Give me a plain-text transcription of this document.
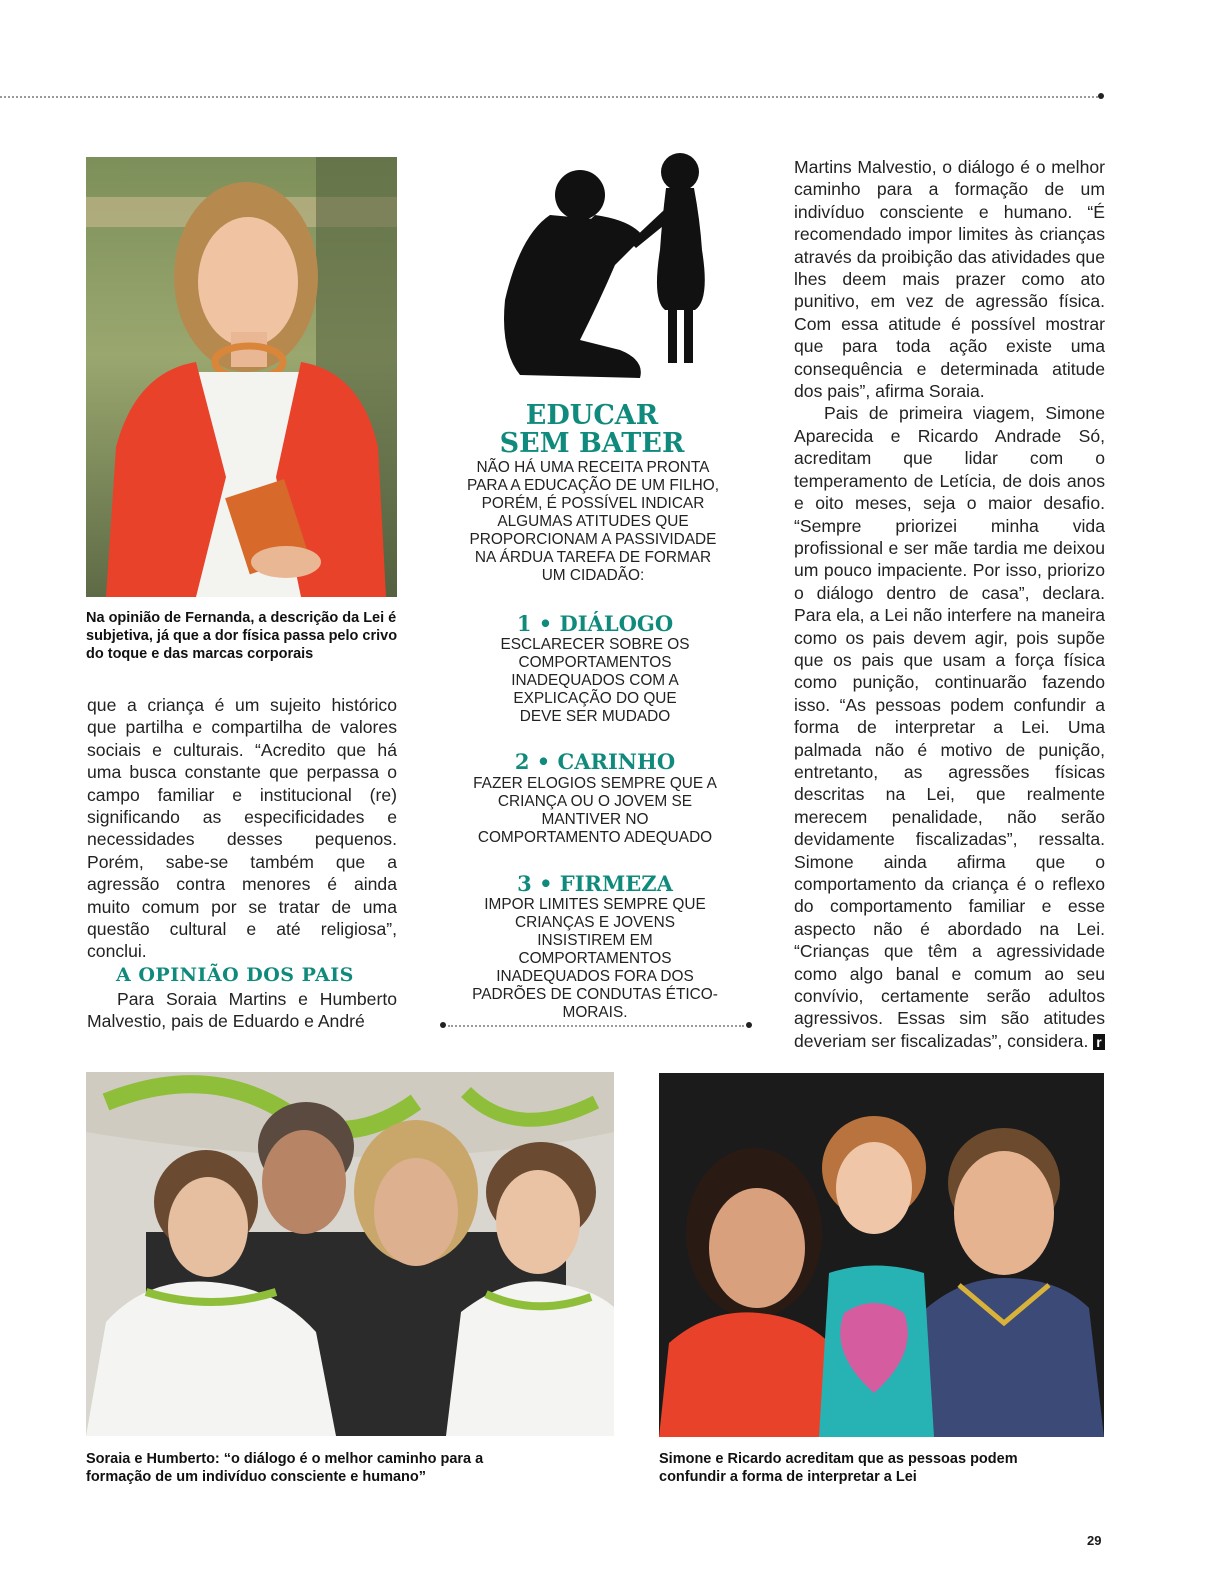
Na opinião de Fernanda, a descrição da Lei é subjetiva, já que a dor física passa pelo crivo do toque e das marcas corporais

que a criança é um sujeito histórico que partilha e compartilha de valores sociais e culturais. “Acredito que há uma busca constante que perpassa o campo familiar e institucional (re) significando as especificidades e necessidades desses pequenos. Porém, sabe-se também que a agressão contra menores é ainda muito comum por se tratar de uma questão cultural e até religiosa”, conclui.

A OPINIÃO DOS PAIS

Para Soraia Martins e Humberto Malvestio, pais de Eduardo e André

EDUCAR

SEM BATER

NÃO HÁ UMA RECEITA PRONTA PARA A EDUCAÇÃO DE UM FILHO, PORÉM, É POSSÍVEL INDICAR ALGUMAS ATITUDES QUE PROPORCIONAM A PASSIVIDADE NA ÁRDUA TAREFA DE FORMAR UM CIDADÃO:

1 • DIÁLOGO

ESCLARECER SOBRE OS COMPORTAMENTOS INADEQUADOS COM A EXPLICAÇÃO DO QUE DEVE SER MUDADO

2 • CARINHO

FAZER ELOGIOS SEMPRE QUE A CRIANÇA OU O JOVEM SE MANTIVER NO COMPORTAMENTO ADEQUADO

3 • FIRMEZA

IMPOR LIMITES SEMPRE QUE CRIANÇAS E JOVENS INSISTIREM EM COMPORTAMENTOS INADEQUADOS FORA DOS PADRÕES DE CONDUTAS ÉTICO-MORAIS.

Martins Malvestio, o diálogo é o melhor caminho para a formação de um indivíduo consciente e humano. “É recomendado impor limites às crianças através da proibição das atividades que lhes deem mais prazer como ato punitivo, em vez de agressão física. Com essa atitude é possível mostrar que para toda ação existe uma consequência e determinada atitude dos pais”, afirma Soraia.

Pais de primeira viagem, Simone Aparecida e Ricardo Andrade Só, acreditam que lidar com o temperamento de Letícia, de dois anos e oito meses, seja o maior desafio. “Sempre priorizei minha vida profissional e ser mãe tardia me deixou um pouco impaciente. Por isso, priorizo o diálogo dentro de casa”, declara. Para ela, a Lei não interfere na maneira como os pais devem agir, pois supõe que os pais que usam a força física como punição, continuarão fazendo isso. “As pessoas podem confundir a forma de interpretar a Lei. Uma palmada não é motivo de punição, entretanto, as agressões físicas descritas na Lei, que realmente merecem penalidade, não serão devidamente fiscalizadas”, ressalta. Simone ainda afirma que o comportamento da criança é o reflexo do comportamento familiar e esse aspecto não é abordado na Lei. “Crianças que têm a agressividade como algo banal e comum ao seu convívio, certamente serão adultos agressivos. Essas sim são atitudes deveriam ser fiscalizadas”, considera. r

Soraia e Humberto: “o diálogo é o melhor caminho para a formação de um indivíduo consciente e humano”

Simone e Ricardo acreditam que as pessoas podem confundir a forma de interpretar a Lei

29
